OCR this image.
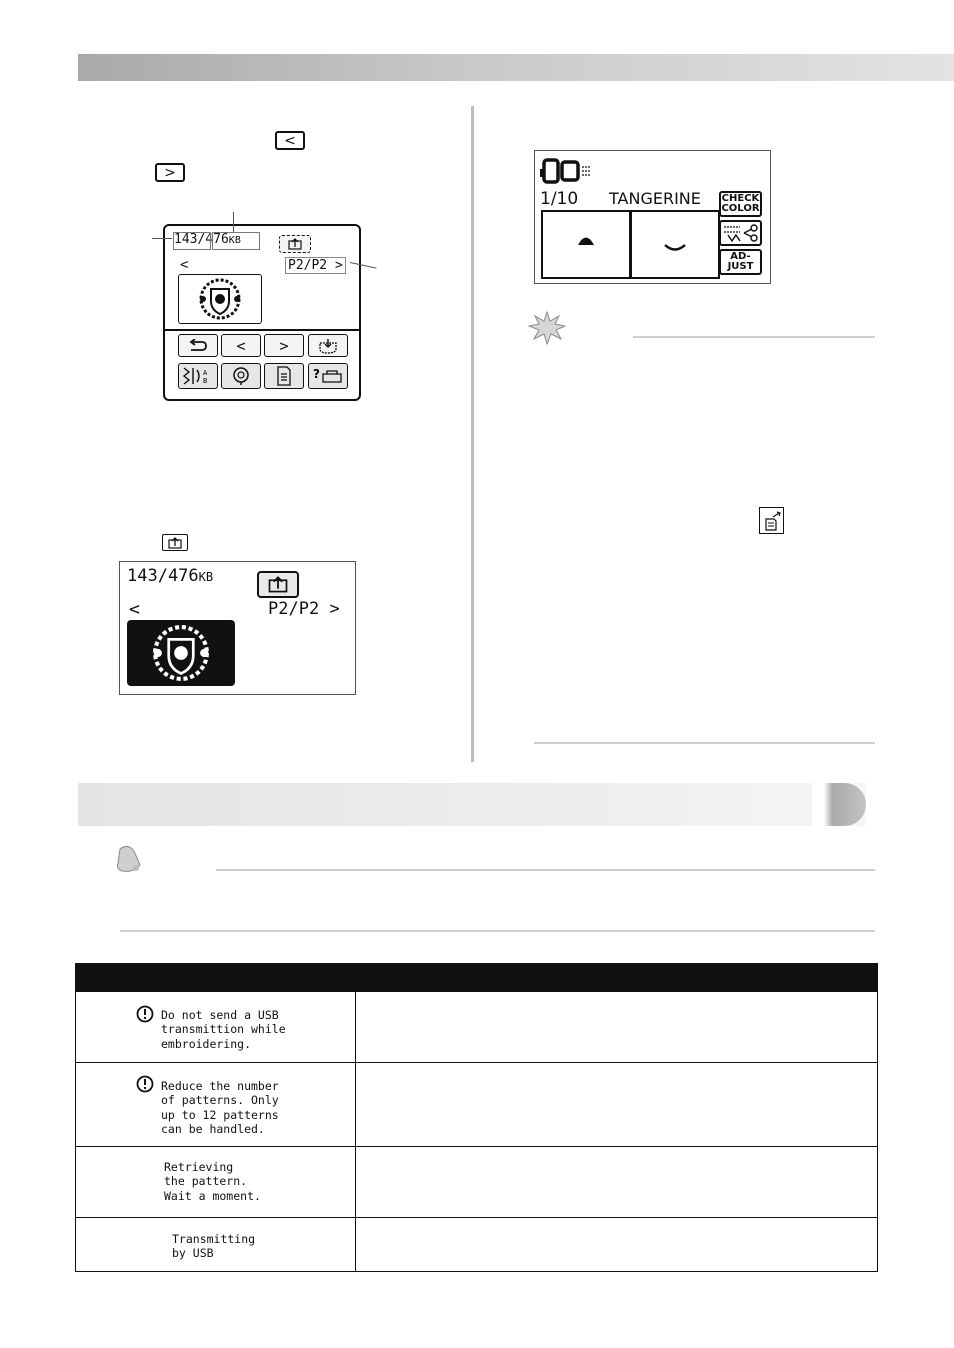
<
>
143/476KB
<	P2/P2 >
< >
A
B	?
143/476KB
<	P2/P2 >
1/10 TANGERINE CHECK COLOR
AD- JUST

Do not send a USB
transmittion while
embroidering.	

Reduce the number
of patterns. Only
up to 12 patterns
can be handled.	

Retrieving
the pattern.
Wait a moment.	

Transmitting
by USB	
